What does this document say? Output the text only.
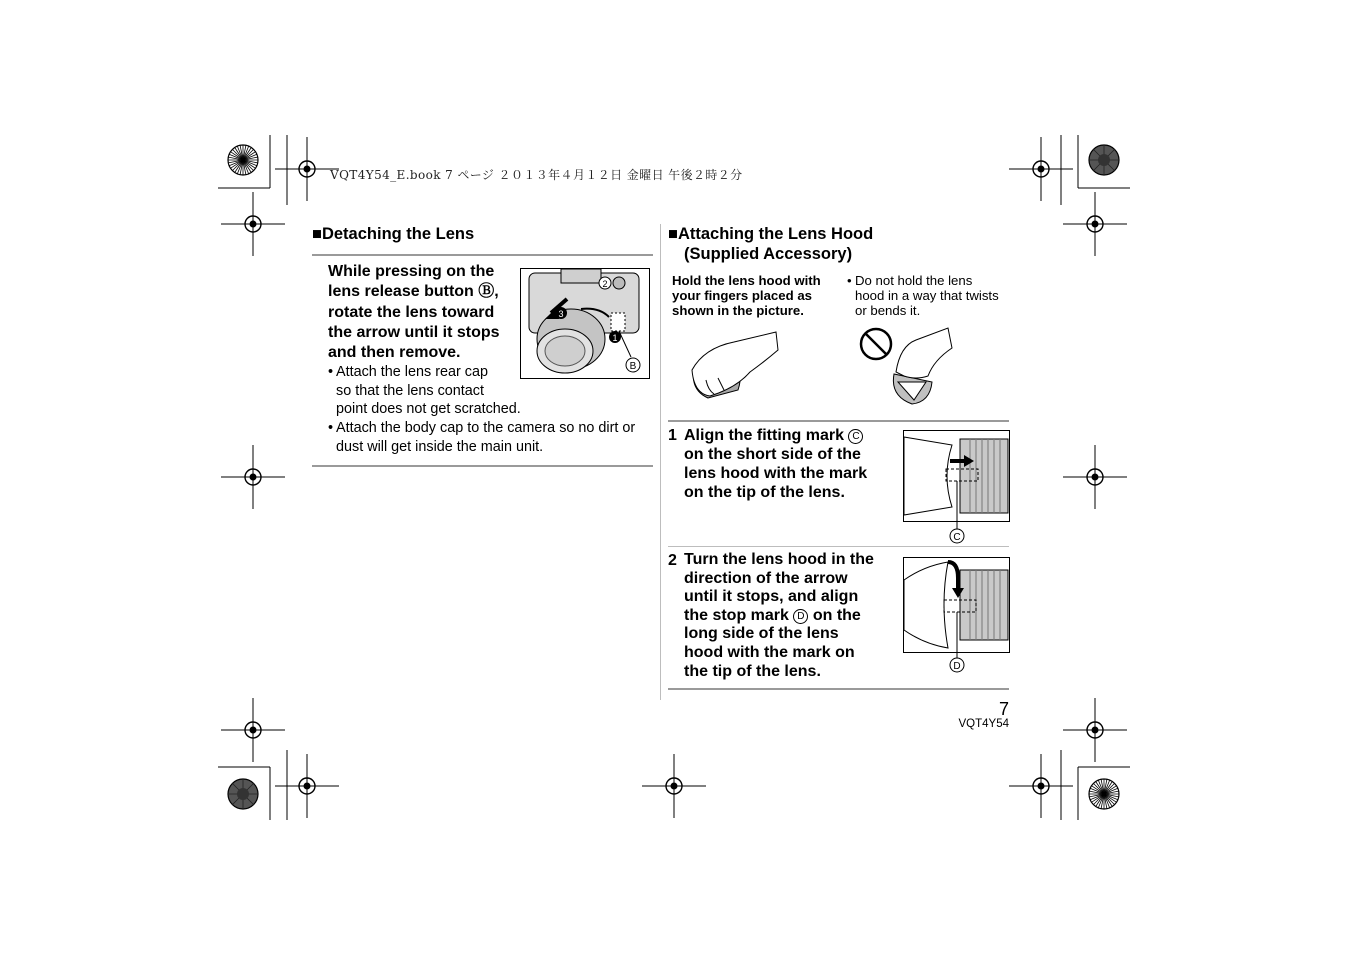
VQT4Y54_E.book 7 ページ ２０１３年４月１２日 金曜日 午後２時２分
■Detaching the Lens
While pressing on the
lens release button Ⓑ,
rotate the lens toward
the arrow until it stops
and then remove.
2
3
1
B
• Attach the lens rear cap
so that the lens contact
point does not get scratched.
• Attach the body cap to the camera so no dirt or
dust will get inside the main unit.
■Attaching the Lens Hood
(Supplied Accessory)
Hold the lens hood with
your fingers placed as
shown in the picture.
• Do not hold the lens
hood in a way that twists
or bends it.
1 Align the fitting mark C
on the short side of the
lens hood with the mark
on the tip of the lens.
C
2 Turn the lens hood in the
direction of the arrow
until it stops, and align
the stop mark D on the
long side of the lens
hood with the mark on
the tip of the lens.	D
7
VQT4Y54
